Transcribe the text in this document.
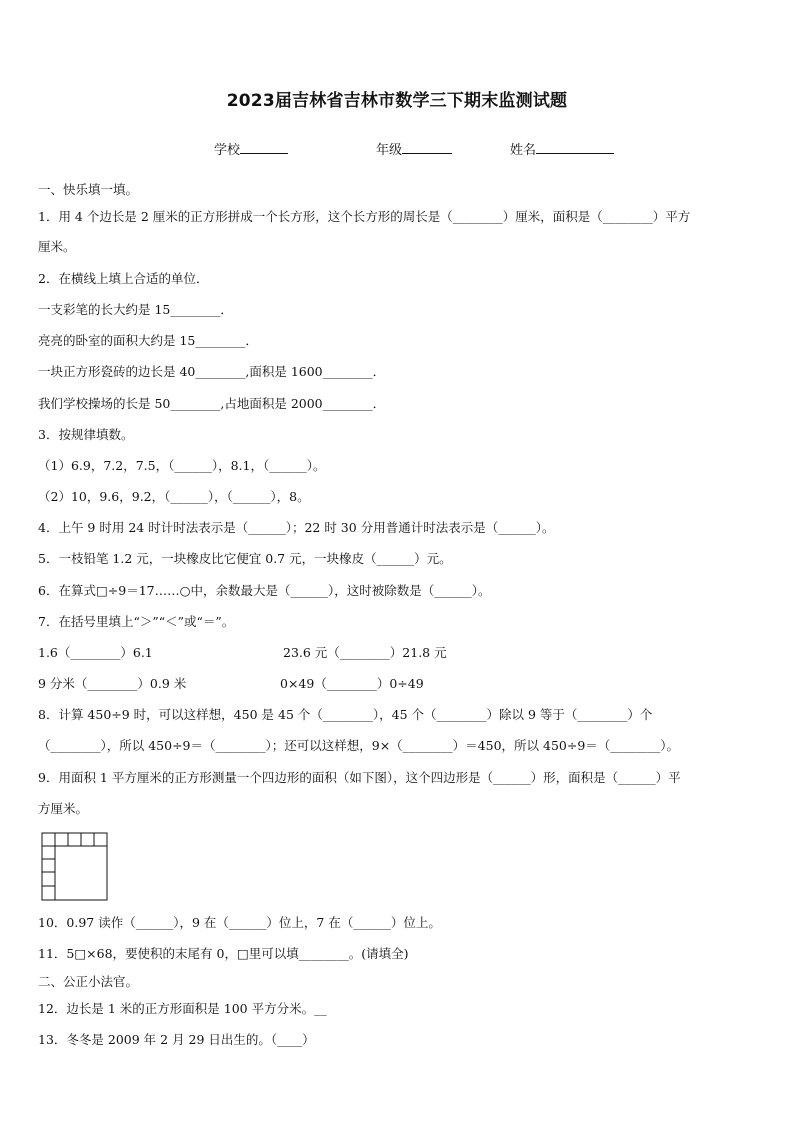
2023届吉林省吉林市数学三下期末监测试题
学校	年级	姓名
一、快乐填一填。
1．用 4 个边长是 2 厘米的正方形拼成一个长方形，这个长方形的周长是（________）厘米，面积是（________）平方
厘米。
2．在横线上填上合适的单位．
一支彩笔的长大约是 15________．
亮亮的卧室的面积大约是 15________．
一块正方形瓷砖的边长是 40________,面积是 1600________．
我们学校操场的长是 50________,占地面积是 2000________．
3．按规律填数。
（1）6.9，7.2，7.5，（______），8.1，（______）。
（2）10，9.6，9.2，（______），（______），8。
4．上午 9 时用 24 时计时法表示是（______）；22 时 30 分用普通计时法表示是（______）。
5．一枝铅笔 1.2 元，一块橡皮比它便宜 0.7 元，一块橡皮（______）元。
6．在算式□÷9＝17……○中，余数最大是（______），这时被除数是（______）。
7．在括号里填上“＞”“＜”或“＝”。
1.6（________）6.1	23.6 元（________）21.8 元
9 分米（________）0.9 米	0×49（________）0÷49
8．计算 450÷9 时，可以这样想，450 是 45 个（________），45 个（________）除以 9 等于（________）个
（________），所以 450÷9＝（________）；还可以这样想，9×（________）＝450，所以 450÷9＝（________）。
9．用面积 1 平方厘米的正方形测量一个四边形的面积（如下图），这个四边形是（______）形，面积是（______）平
方厘米。
10．0.97 读作（______），9 在（______）位上，7 在（______）位上。
11．5□×68，要使积的末尾有 0，□里可以填________。(请填全)
二、公正小法官。
12．边长是 1 米的正方形面积是 100 平方分米。__
13．冬冬是 2009 年 2 月 29 日出生的。（____）
